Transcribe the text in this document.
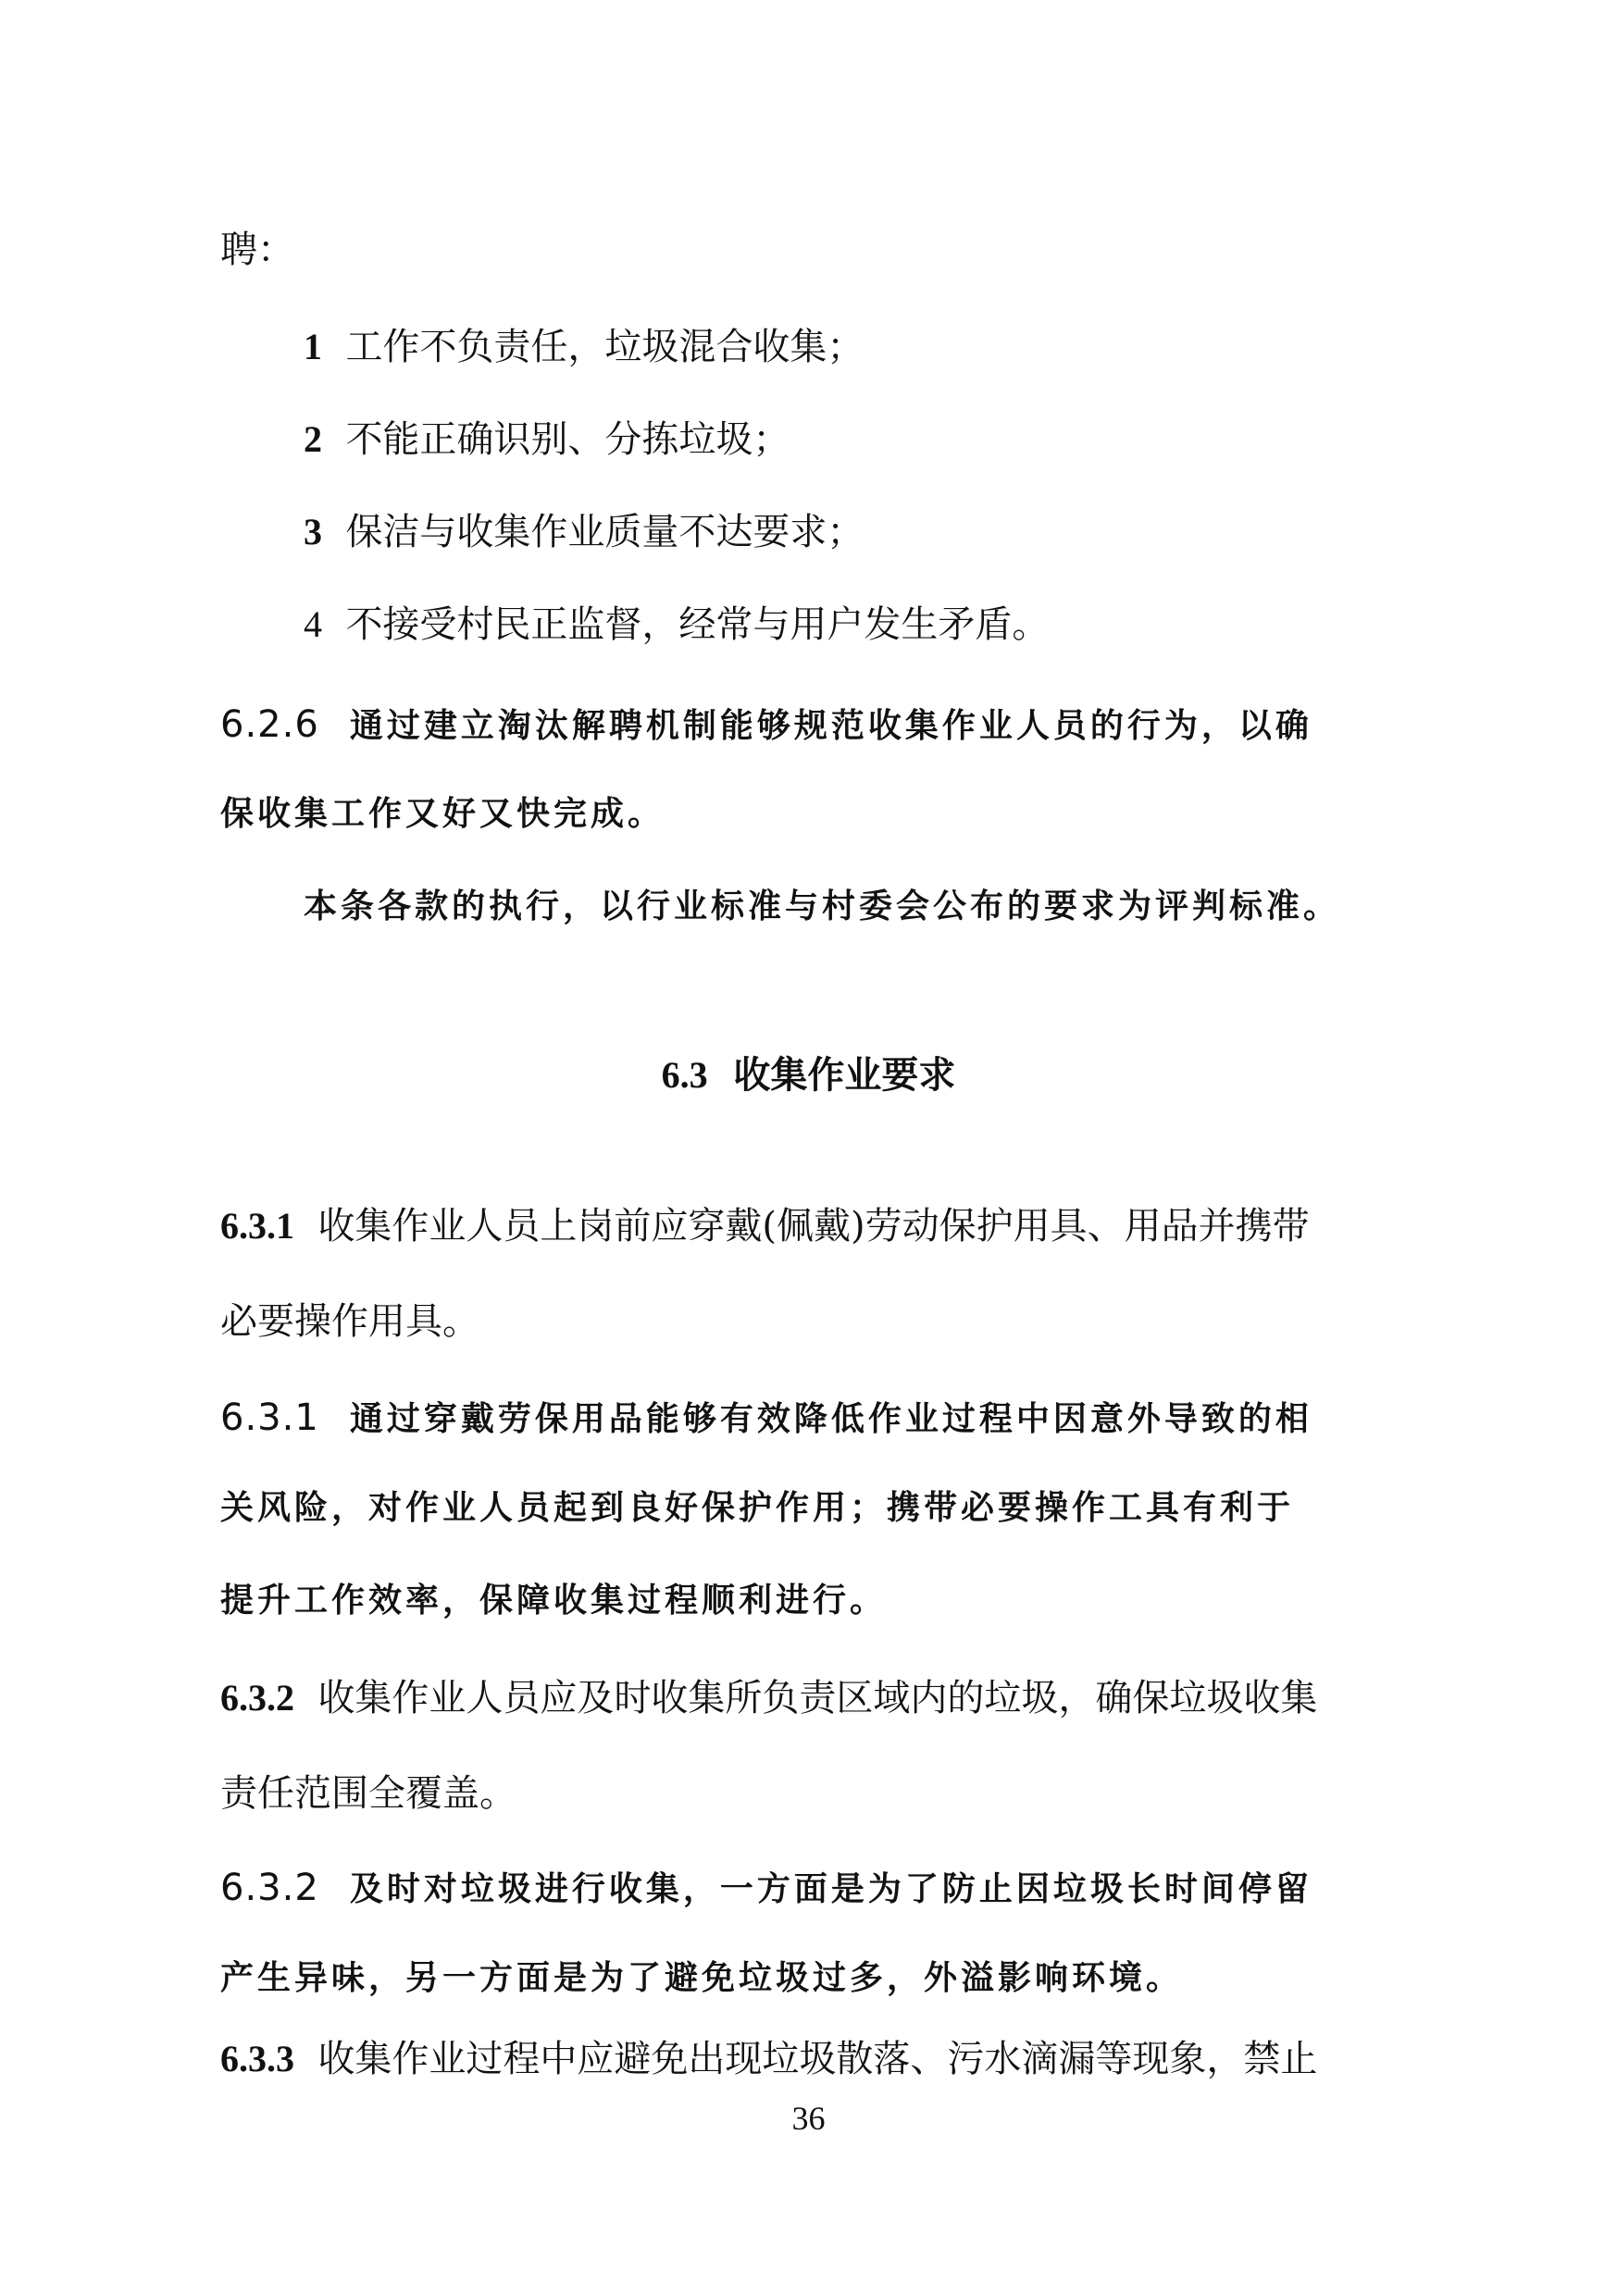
聘：
1 工作不负责任，垃圾混合收集；
2 不能正确识别、分拣垃圾；
3 保洁与收集作业质量不达要求；
4 不接受村民正监督，经常与用户发生矛盾。
6.2.6 通过建立淘汰解聘机制能够规范收集作业人员的行为，以确
保收集工作又好又快完成。
本条各款的执行，以行业标准与村委会公布的要求为评判标准。
6.3 收集作业要求
6.3.1 收集作业人员上岗前应穿戴(佩戴)劳动保护用具、用品并携带
必要操作用具。
6.3.1 通过穿戴劳保用品能够有效降低作业过程中因意外导致的相
关风险，对作业人员起到良好保护作用；携带必要操作工具有利于
提升工作效率，保障收集过程顺利进行。
6.3.2 收集作业人员应及时收集所负责区域内的垃圾，确保垃圾收集
责任范围全覆盖。
6.3.2 及时对垃圾进行收集，一方面是为了防止因垃圾长时间停留
产生异味，另一方面是为了避免垃圾过多，外溢影响环境。
6.3.3 收集作业过程中应避免出现垃圾散落、污水滴漏等现象，禁止
36
